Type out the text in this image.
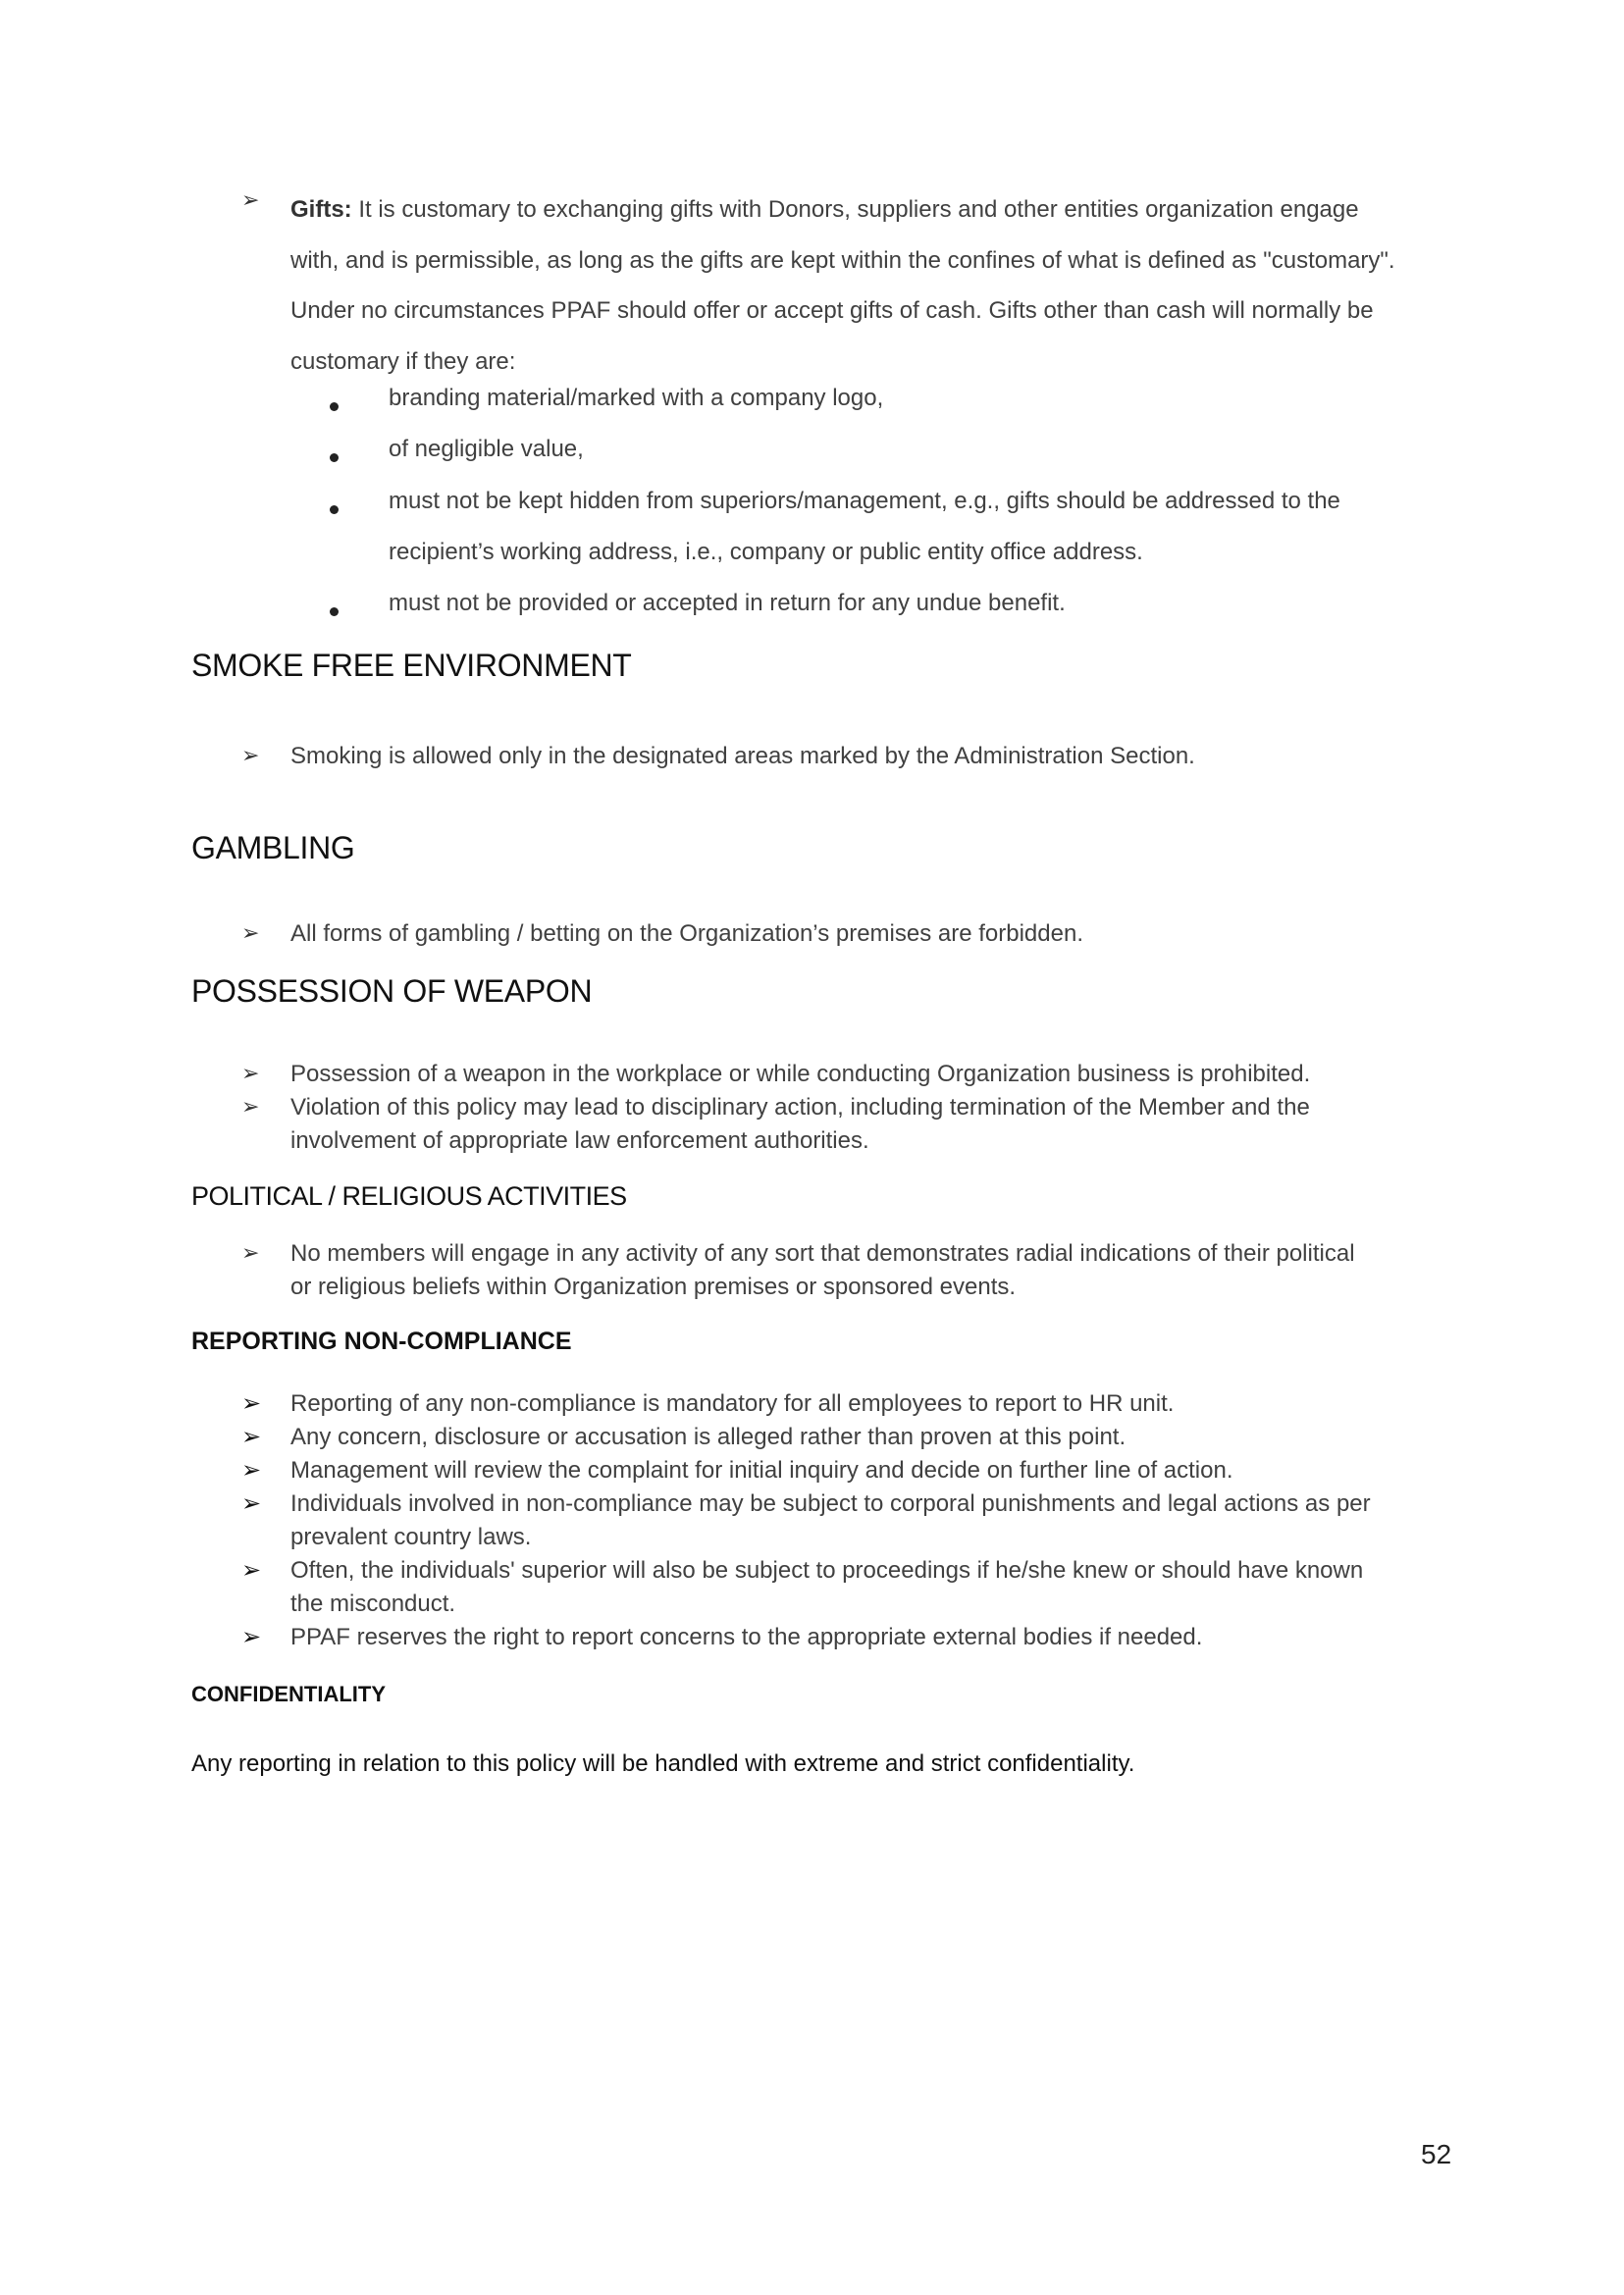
➢ Gifts: It is customary to exchanging gifts with Donors, suppliers and other entities organization engage
with, and is permissible, as long as the gifts are kept within the confines of what is defined as "customary".
Under no circumstances PPAF should offer or accept gifts of cash. Gifts other than cash will normally be
customary if they are:
branding material/marked with a company logo,
of negligible value,
must not be kept hidden from superiors/management, e.g., gifts should be addressed to the
recipient’s working address, i.e., company or public entity office address.
must not be provided or accepted in return for any undue benefit.
SMOKE FREE ENVIRONMENT
➢ Smoking is allowed only in the designated areas marked by the Administration Section.
GAMBLING
➢ All forms of gambling / betting on the Organization’s premises are forbidden.
POSSESSION OF WEAPON
➢ Possession of a weapon in the workplace or while conducting Organization business is prohibited.
➢ Violation of this policy may lead to disciplinary action, including termination of the Member and the
involvement of appropriate law enforcement authorities.
POLITICAL / RELIGIOUS ACTIVITIES
➢ No members will engage in any activity of any sort that demonstrates radial indications of their political
or religious beliefs within Organization premises or sponsored events.
REPORTING NON-COMPLIANCE
➢ Reporting of any non-compliance is mandatory for all employees to report to HR unit.
➢ Any concern, disclosure or accusation is alleged rather than proven at this point.
➢ Management will review the complaint for initial inquiry and decide on further line of action.
➢ Individuals involved in non-compliance may be subject to corporal punishments and legal actions as per
prevalent country laws.
➢ Often, the individuals' superior will also be subject to proceedings if he/she knew or should have known
the misconduct.
➢ PPAF reserves the right to report concerns to the appropriate external bodies if needed.
CONFIDENTIALITY
Any reporting in relation to this policy will be handled with extreme and strict confidentiality.
52
